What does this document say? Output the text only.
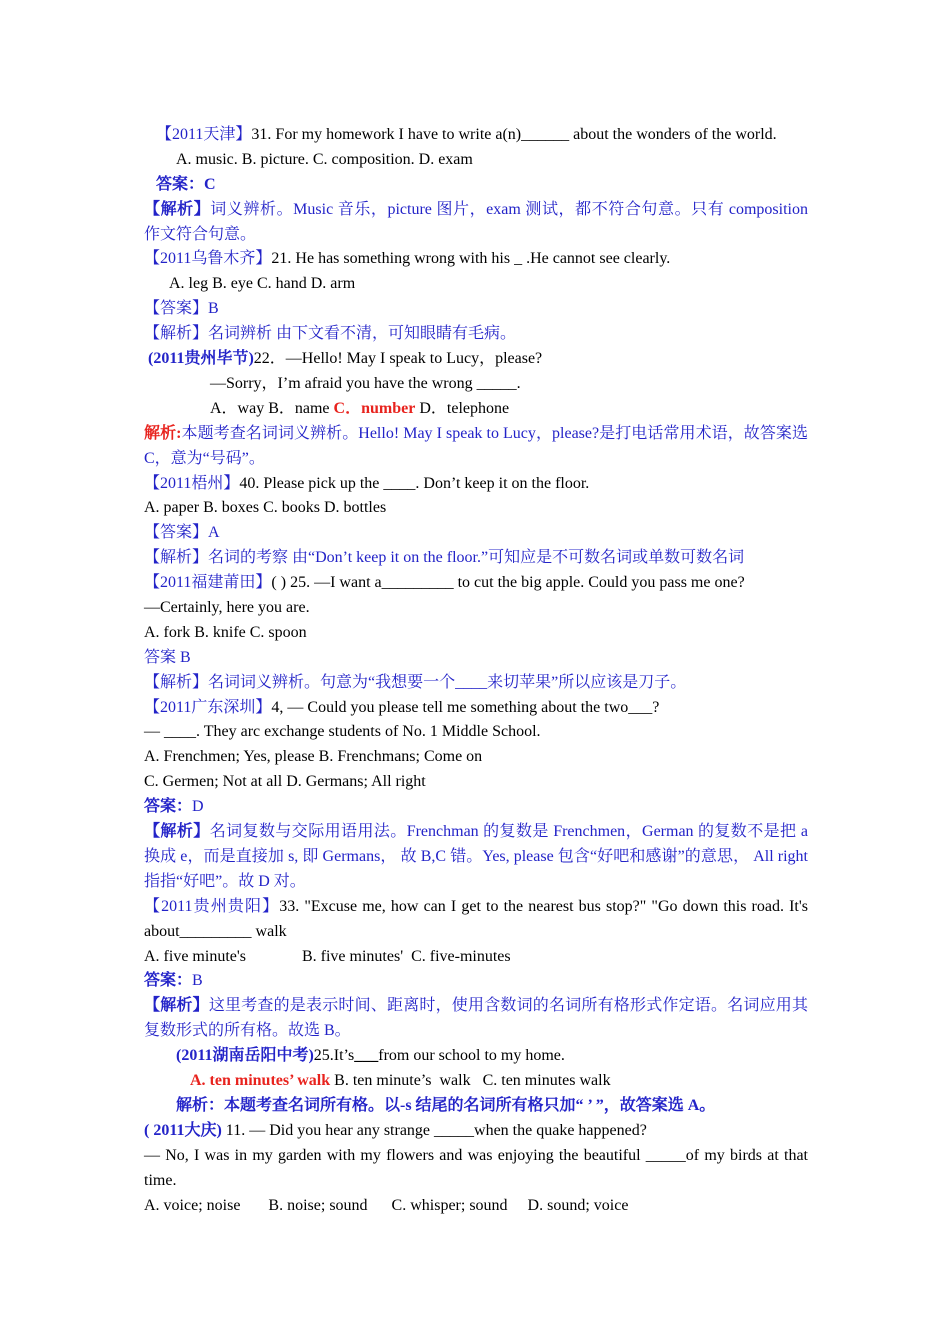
【2011天津】31. For my homework I have to write a(n)______ about the wonders of the world.
A. music. B. picture. C. composition. D. exam
答案：C
【解析】词义辨析。Music 音乐，picture 图片，exam 测试，都不符合句意。只有 composition 作文符合句意。
【2011乌鲁木齐】21. He has something wrong with his _ .He cannot see clearly.
A. leg B. eye C. hand D. arm
【答案】B
【解析】名词辨析 由下文看不清，可知眼睛有毛病。
(2011贵州毕节)22．—Hello! May I speak to Lucy，please?
—Sorry，I’m afraid you have the wrong _____.
A．way B．name C．number D．telephone
解析:本题考查名词词义辨析。Hello! May I speak to Lucy，please?是打电话常用术语，故答案选 C，意为“号码”。
【2011梧州】40. Please pick up the ____. Don’t keep it on the floor.
A. paper B. boxes C. books D. bottles
【答案】A
【解析】名词的考察 由“Don’t keep it on the floor.”可知应是不可数名词或单数可数名词
【2011福建莆田】( ) 25. —I want a_________ to cut the big apple. Could you pass me one?
—Certainly, here you are.
A. fork B. knife C. spoon
答案 B
【解析】名词词义辨析。句意为“我想要一个____来切苹果”所以应该是刀子。
【2011广东深圳】4, — Could you please tell me something about the two___?
— ____. They arc exchange students of No. 1 Middle School.
A. Frenchmen; Yes, please B. Frenchmans; Come on
C. Germen; Not at all D. Germans; All right
答案：D
【解析】名词复数与交际用语用法。Frenchman 的复数是 Frenchmen，German 的复数不是把 a 换成 e，而是直接加 s, 即 Germans， 故 B,C 错。Yes, please 包含“好吧和感谢”的意思， All right 指指“好吧”。故 D 对。
【2011贵州贵阳】33. "Excuse me, how can I get to the nearest bus stop?" "Go down this road. It's about_________ walk
A. five minute's              B. five minutes'  C. five-minutes
答案：B
【解析】这里考查的是表示时间、距离时，使用含数词的名词所有格形式作定语。名词应用其复数形式的所有格。故选 B。
(2011湖南岳阳中考)25.It’s___from our school to my home.
A. ten minutes’ walk B. ten minute’s  walk   C. ten minutes walk
解析：本题考查名词所有格。以-s 结尾的名词所有格只加“ ’ ”，故答案选 A。
( 2011大庆) 11. — Did you hear any strange _____when the quake happened?
— No, I was in my garden with my flowers and was enjoying the beautiful _____of my birds at that time.
A. voice; noise       B. noise; sound      C. whisper; sound     D. sound; voice
